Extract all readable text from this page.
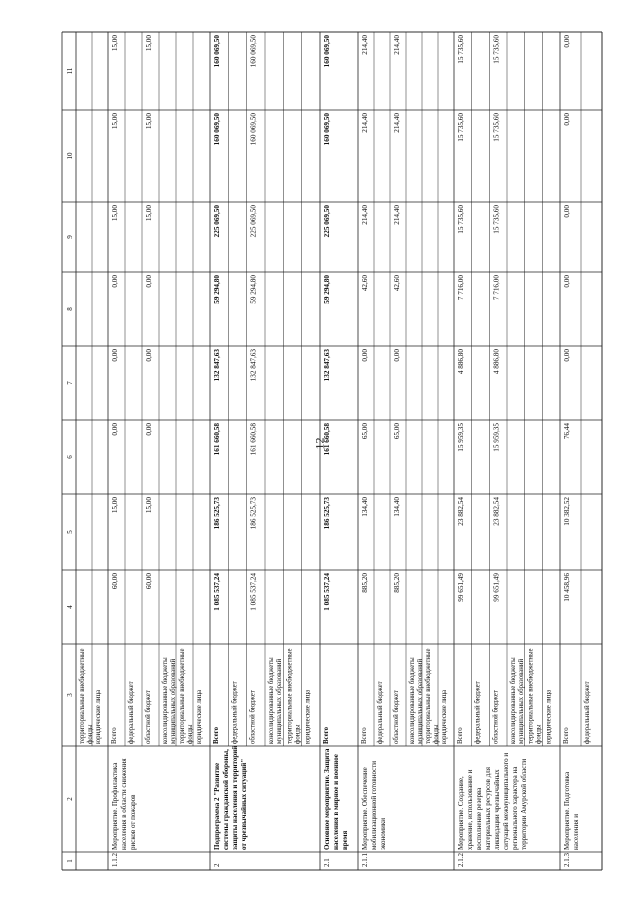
12
1
2
3
4
5
6
7
8
9
10
11
территориальные внебюджетные фонды юридические лица
1.1.2
Мероприятие. Профилактика населения в области снижения рисков от пожаров
Всего федеральный бюджет областной бюджет консолидированные бюджеты муниципальных образований территориальные внебюджетные фонды юридические лица
60,00
15,00
0,00
0,00
0,00
15,00
15,00
15,00
60,00
15,00
0,00
0,00
0,00
15,00
15,00
15,00
2
Подпрограмма 2 "Развитие системы гражданской обороны, защиты населения и территорий от чрезвычайных ситуаций"
Всего федеральный бюджет областной бюджет консолидированные бюджеты муниципальных образований территориальные внебюджетные фонды юридические лица
1 085 537,24
186 525,73
161 660,58
132 847,63
59 294,80
225 069,50
160 069,50
160 069,50
1 085 537,24
186 525,73
161 660,58
132 847,63
59 294,80
225 069,50
160 069,50
160 069,50
2.1
Основное мероприятие. Защита населения в мирное и военное время
Всего
1 085 537,24
186 525,73
161 660,58
132 847,63
59 294,80
225 069,50
160 069,50
160 069,50
2.1.1
Мероприятие. Обеспечение мобилизационной готовности экономики
Всего федеральный бюджет областной бюджет консолидированные бюджеты муниципальных образований территориальные внебюджетные фонды юридические лица
885,20
134,40
65,00
0,00
42,60
214,40
214,40
214,40
885,20
134,40
65,00
0,00
42,60
214,40
214,40
214,40
2.1.2
Мероприятие. Создание, хранение, использование и восполнение резерва материальных ресурсов для ликвидации чрезвычайных ситуаций межмуниципального и регионального характера на территории Амурской области
Всего федеральный бюджет областной бюджет консолидированные бюджеты муниципальных образований территориальные внебюджетные фонды юридические лица
99 651,49
23 882,54
15 959,35
4 886,80
7 716,00
15 735,60
15 735,60
15 735,60
99 651,49
23 882,54
15 959,35
4 886,80
7 716,00
15 735,60
15 735,60
15 735,60
2.1.3
Мероприятие. Подготовка населения и
Всего федеральный бюджет
10 458,96
10 382,52
76,44
0,00
0,00
0,00
0,00
0,00
